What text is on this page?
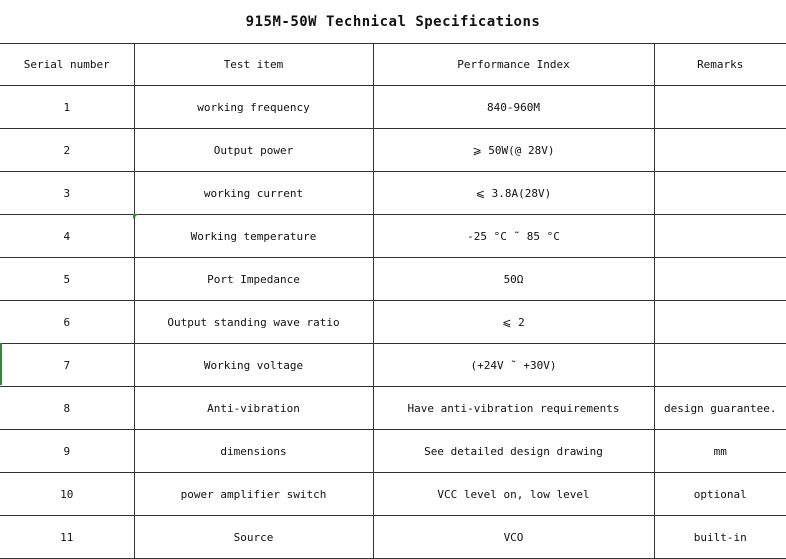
915M-50W Technical Specifications
Serial number	Test item	Performance Index	Remarks
1	working frequency	840-960M	
2	Output power	⩾ 50W(@ 28V)	
3	working current	⩽ 3.8A(28V)	
4	Working temperature	-25 °C ˜ 85 °C	
5	Port Impedance	50Ω	
6	Output standing wave ratio	⩽ 2	
7	Working voltage	(+24V ˜ +30V)	
8	Anti-vibration	Have anti-vibration requirements	design guarantee.
9	dimensions	See detailed design drawing	mm
10	power amplifier switch	VCC level on, low level	optional
11	Source	VCO	built-in
